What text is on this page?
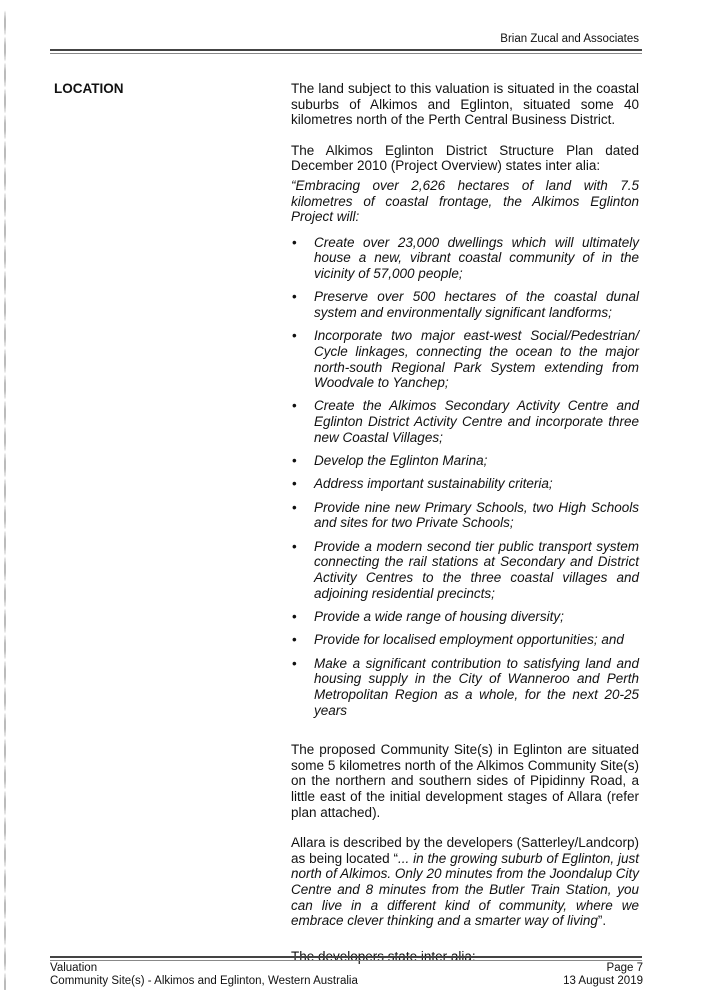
Brian Zucal and Associates
LOCATION	The land subject to this valuation is situated in the coastal suburbs of Alkimos and Eglinton, situated some 40 kilometres north of the Perth Central Business District.

The Alkimos Eglinton District Structure Plan dated December 2010 (Project Overview) states inter alia:

“Embracing over 2,626 hectares of land with 7.5 kilometres of coastal frontage, the Alkimos Eglinton Project will:

• Create over 23,000 dwellings which will ultimately house a new, vibrant coastal community of in the vicinity of 57,000 people;
• Preserve over 500 hectares of the coastal dunal system and environmentally significant landforms;
• Incorporate two major east-west Social/Pedestrian/ Cycle linkages, connecting the ocean to the major north-south Regional Park System extending from Woodvale to Yanchep;
• Create the Alkimos Secondary Activity Centre and Eglinton District Activity Centre and incorporate three new Coastal Villages;
• Develop the Eglinton Marina;
• Address important sustainability criteria;
• Provide nine new Primary Schools, two High Schools and sites for two Private Schools;
• Provide a modern second tier public transport system connecting the rail stations at Secondary and District Activity Centres to the three coastal villages and adjoining residential precincts;
• Provide a wide range of housing diversity;
• Provide for localised employment opportunities; and
• Make a significant contribution to satisfying land and housing supply in the City of Wanneroo and Perth Metropolitan Region as a whole, for the next 20-25 years

The proposed Community Site(s) in Eglinton are situated some 5 kilometres north of the Alkimos Community Site(s) on the northern and southern sides of Pipidinny Road, a little east of the initial development stages of Allara (refer plan attached).

Allara is described by the developers (Satterley/Landcorp) as being located “... in the growing suburb of Eglinton, just north of Alkimos. Only 20 minutes from the Joondalup City Centre and 8 minutes from the Butler Train Station, you can live in a different kind of community, where we embrace clever thinking and a smarter way of living”.

The developers state inter alia:

Valuation
Community Site(s) - Alkimos and Eglinton, Western Australia
Page 7
13 August 2019
